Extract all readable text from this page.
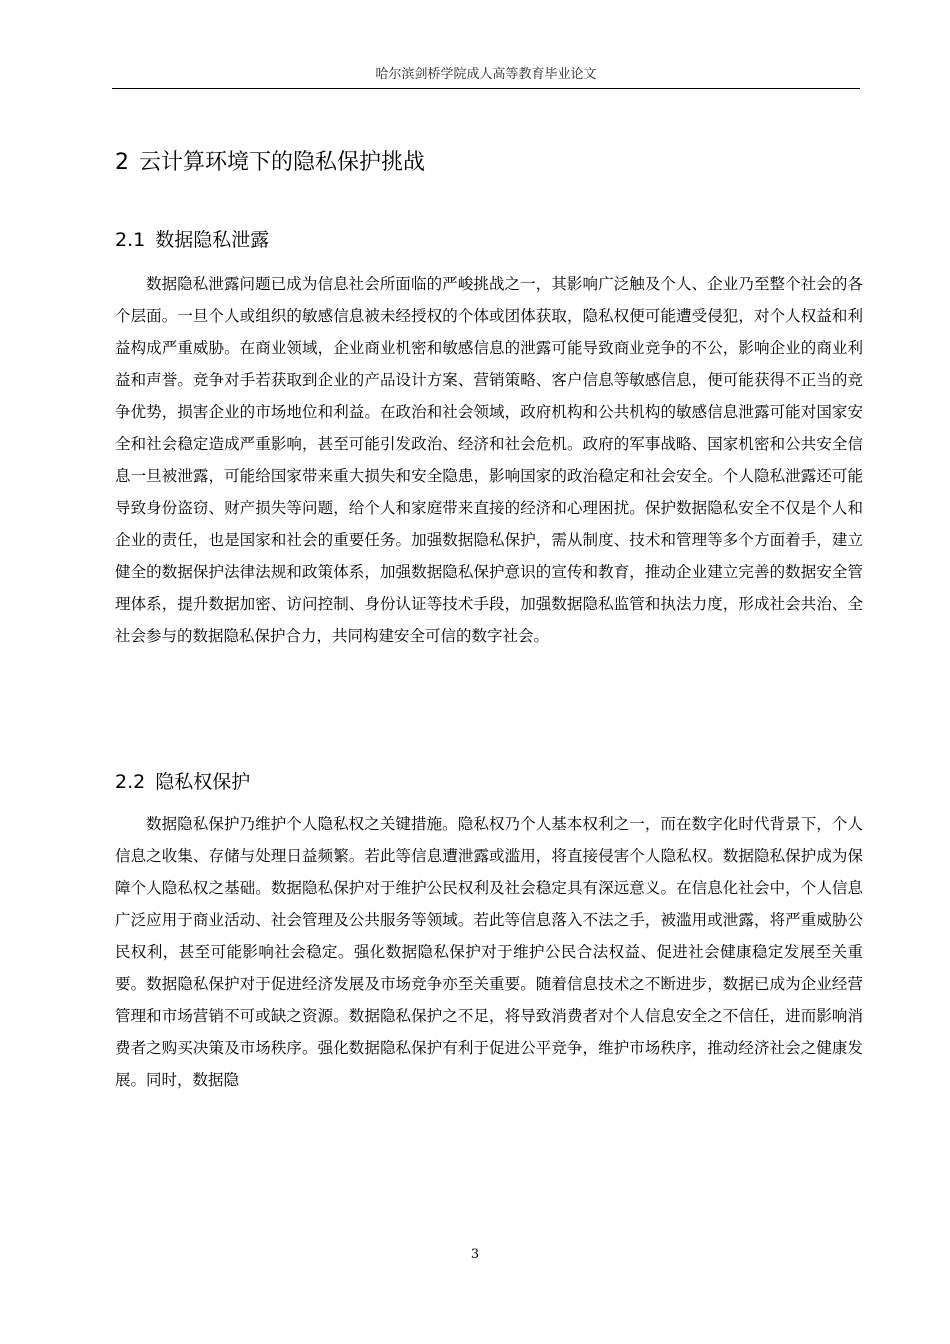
哈尔滨剑桥学院成人高等教育毕业论文
2 云计算环境下的隐私保护挑战
2.1 数据隐私泄露

数据隐私泄露问题已成为信息社会所面临的严峻挑战之一，其影响广泛触及个人、企业乃至整个社会的各个层面。一旦个人或组织的敏感信息被未经授权的个体或团体获取，隐私权便可能遭受侵犯，对个人权益和利益构成严重威胁。在商业领域，企业商业机密和敏感信息的泄露可能导致商业竞争的不公，影响企业的商业利益和声誉。竞争对手若获取到企业的产品设计方案、营销策略、客户信息等敏感信息，便可能获得不正当的竞争优势，损害企业的市场地位和利益。在政治和社会领域，政府机构和公共机构的敏感信息泄露可能对国家安全和社会稳定造成严重影响，甚至可能引发政治、经济和社会危机。政府的军事战略、国家机密和公共安全信息一旦被泄露，可能给国家带来重大损失和安全隐患，影响国家的政治稳定和社会安全。个人隐私泄露还可能导致身份盗窃、财产损失等问题，给个人和家庭带来直接的经济和心理困扰。保护数据隐私安全不仅是个人和企业的责任，也是国家和社会的重要任务。加强数据隐私保护，需从制度、技术和管理等多个方面着手，建立健全的数据保护法律法规和政策体系，加强数据隐私保护意识的宣传和教育，推动企业建立完善的数据安全管理体系，提升数据加密、访问控制、身份认证等技术手段，加强数据隐私监管和执法力度，形成社会共治、全社会参与的数据隐私保护合力，共同构建安全可信的数字社会。

2.2 隐私权保护

数据隐私保护乃维护个人隐私权之关键措施。隐私权乃个人基本权利之一，而在数字化时代背景下，个人信息之收集、存储与处理日益频繁。若此等信息遭泄露或滥用，将直接侵害个人隐私权。数据隐私保护成为保障个人隐私权之基础。数据隐私保护对于维护公民权利及社会稳定具有深远意义。在信息化社会中，个人信息广泛应用于商业活动、社会管理及公共服务等领域。若此等信息落入不法之手，被滥用或泄露，将严重威胁公民权利，甚至可能影响社会稳定。强化数据隐私保护对于维护公民合法权益、促进社会健康稳定发展至关重要。数据隐私保护对于促进经济发展及市场竞争亦至关重要。随着信息技术之不断进步，数据已成为企业经营管理和市场营销不可或缺之资源。数据隐私保护之不足，将导致消费者对个人信息安全之不信任，进而影响消费者之购买决策及市场秩序。强化数据隐私保护有利于促进公平竞争，维护市场秩序，推动经济社会之健康发展。同时，数据隐

3
